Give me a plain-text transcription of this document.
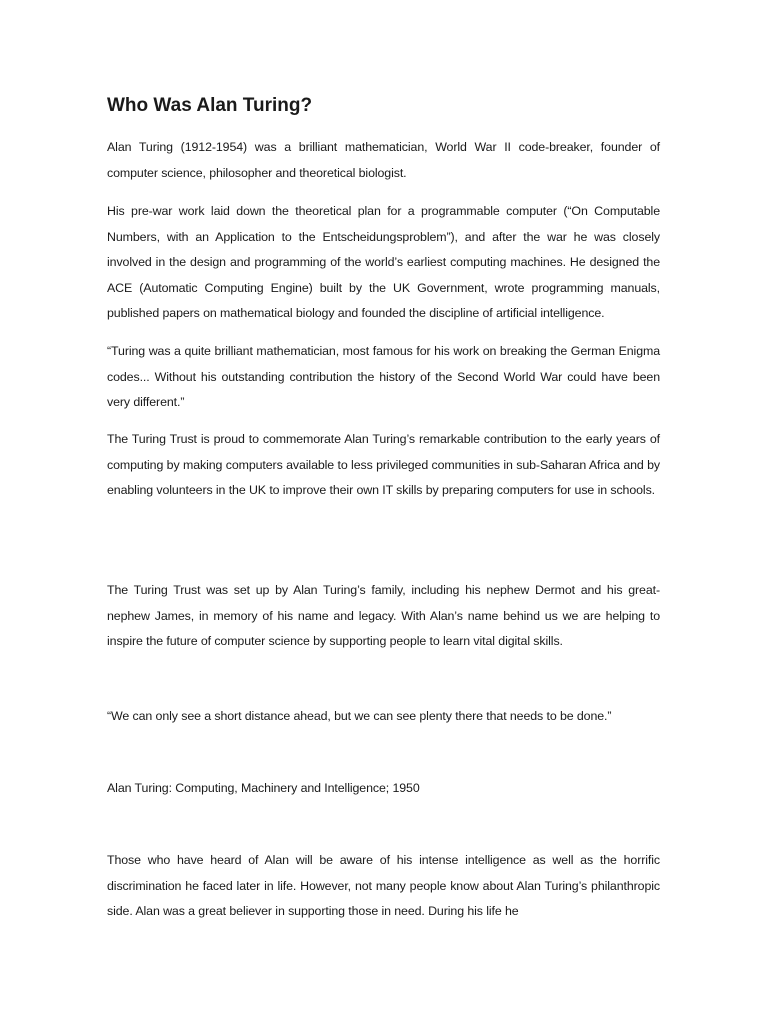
Who Was Alan Turing?

Alan Turing (1912-1954) was a brilliant mathematician, World War II code-breaker, founder of computer science, philosopher and theoretical biologist.

His pre-war work laid down the theoretical plan for a programmable computer (“On Computable Numbers, with an Application to the Entscheidungsproblem”), and after the war he was closely involved in the design and programming of the world’s earliest computing machines. He designed the ACE (Automatic Computing Engine) built by the UK Government, wrote programming manuals, published papers on mathematical biology and founded the discipline of artificial intelligence.

“Turing was a quite brilliant mathematician, most famous for his work on breaking the German Enigma codes... Without his outstanding contribution the history of the Second World War could have been very different.”

The Turing Trust is proud to commemorate Alan Turing’s remarkable contribution to the early years of computing by making computers available to less privileged communities in sub-Saharan Africa and by enabling volunteers in the UK to improve their own IT skills by preparing computers for use in schools.

The Turing Trust was set up by Alan Turing’s family, including his nephew Dermot and his great-nephew James, in memory of his name and legacy. With Alan’s name behind us we are helping to inspire the future of computer science by supporting people to learn vital digital skills.

“We can only see a short distance ahead, but we can see plenty there that needs to be done.”

Alan Turing: Computing, Machinery and Intelligence; 1950

Those who have heard of Alan will be aware of his intense intelligence as well as the horrific discrimination he faced later in life. However, not many people know about Alan Turing’s philanthropic side. Alan was a great believer in supporting those in need. During his life he
